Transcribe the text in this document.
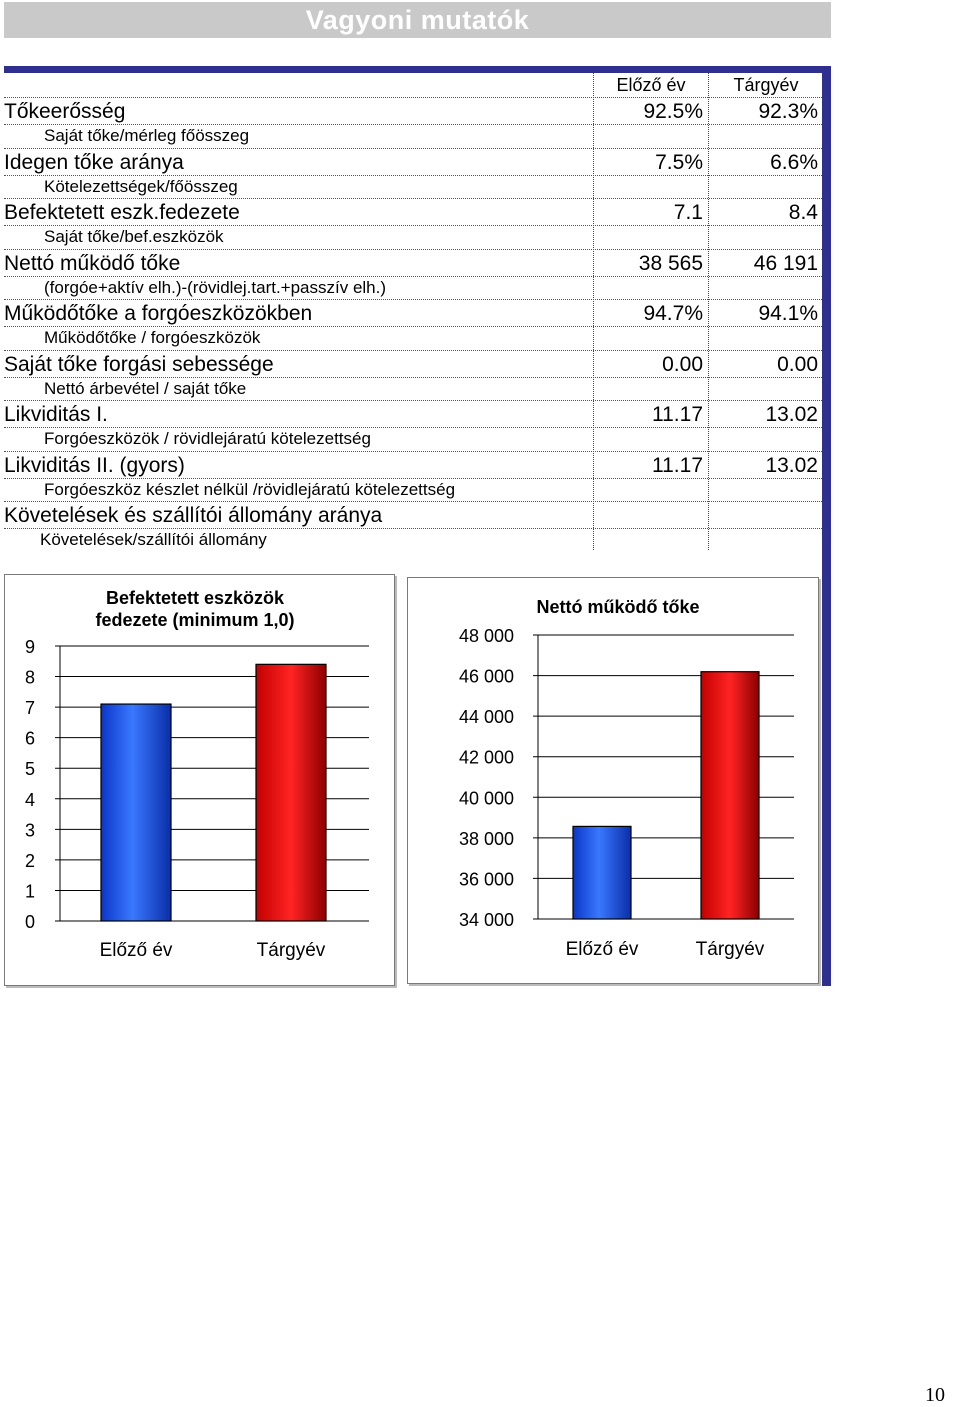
Vagyoni mutatók
Előző év	Tárgyév
Tőkeerősség	92.5%	92.3%
Saját tőke/mérleg főösszeg
Idegen tőke aránya	7.5%	6.6%
Kötelezettségek/főösszeg
Befektetett eszk.fedezete	7.1	8.4
Saját tőke/bef.eszközök
Nettó működő tőke	38 565	46 191
(forgóe+aktív elh.)-(rövidlej.tart.+passzív elh.)
Működőtőke a forgóeszközökben	94.7%	94.1%
Működőtőke / forgóeszközök
Saját tőke forgási sebessége	0.00	0.00
Nettó árbevétel / saját tőke
Likviditás I.	11.17	13.02
Forgóeszközök / rövidlejáratú kötelezettség
Likviditás II. (gyors)	11.17	13.02
Forgóeszköz készlet nélkül /rövidlejáratú kötelezettség
Követelések és szállítói állomány aránya
Követelések/szállítói állomány
Befektetett eszközök
fedezete (minimum 1,0)
0
1
2
3
4
5
6
7
8
9
Előző év	Tárgyév
Nettó működő tőke
34 000
36 000
38 000
40 000
42 000
44 000
46 000
48 000
Előző év	Tárgyév
10
